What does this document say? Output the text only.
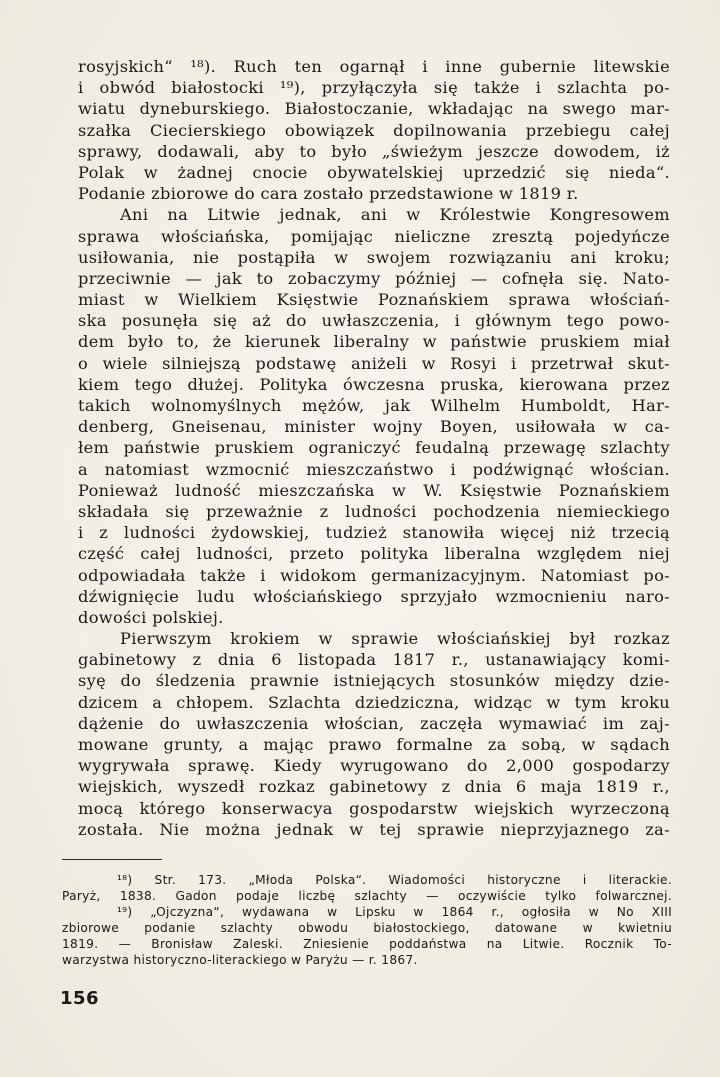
rosyjskich“ ¹⁸). Ruch ten ogarnął i inne gubernie litewskie
i obwód białostocki ¹⁹), przyłączyła się także i szlachta po-
wiatu dyneburskiego. Białostoczanie, wkładając na swego mar-
szałka Ciecierskiego obowiązek dopilnowania przebiegu całej
sprawy, dodawali, aby to było „świeżym jeszcze dowodem, iż
Polak w żadnej cnocie obywatelskiej uprzedzić się nieda“.
Podanie zbiorowe do cara zostało przedstawione w 1819 r.
Ani na Litwie jednak, ani w Królestwie Kongresowem
sprawa włościańska, pomijając nieliczne zresztą pojedyńcze
usiłowania, nie postąpiła w swojem rozwiązaniu ani kroku;
przeciwnie — jak to zobaczymy później — cofnęła się. Nato-
miast w Wielkiem Księstwie Poznańskiem sprawa włościań-
ska posunęła się aż do uwłaszczenia, i głównym tego powo-
dem było to, że kierunek liberalny w państwie pruskiem miał
o wiele silniejszą podstawę aniżeli w Rosyi i przetrwał skut-
kiem tego dłużej. Polityka ówczesna pruska, kierowana przez
takich wolnomyślnych mężów, jak Wilhelm Humboldt, Har-
denberg, Gneisenau, minister wojny Boyen, usiłowała w ca-
łem państwie pruskiem ograniczyć feudalną przewagę szlachty
a natomiast wzmocnić mieszczaństwo i podźwignąć włościan.
Ponieważ ludność mieszczańska w W. Księstwie Poznańskiem
składała się przeważnie z ludności pochodzenia niemieckiego
i z ludności żydowskiej, tudzież stanowiła więcej niż trzecią
część całej ludności, przeto polityka liberalna względem niej
odpowiadała także i widokom germanizacyjnym. Natomiast po-
dźwignięcie ludu włościańskiego sprzyjało wzmocnieniu naro-
dowości polskiej.
Pierwszym krokiem w sprawie włościańskiej był rozkaz
gabinetowy z dnia 6 listopada 1817 r., ustanawiający komi-
syę do śledzenia prawnie istniejących stosunków między dzie-
dzicem a chłopem. Szlachta dziedziczna, widząc w tym kroku
dążenie do uwłaszczenia włościan, zaczęła wymawiać im zaj-
mowane grunty, a mając prawo formalne za sobą, w sądach
wygrywała sprawę. Kiedy wyrugowano do 2,000 gospodarzy
wiejskich, wyszedł rozkaz gabinetowy z dnia 6 maja 1819 r.,
mocą którego konserwacya gospodarstw wiejskich wyrzeczoną
została. Nie można jednak w tej sprawie nieprzyjaznego za-
¹⁸) Str. 173. „Młoda Polska“. Wiadomości historyczne i literackie.
Paryż, 1838. Gadon podaje liczbę szlachty — oczywiście tylko folwarcznej.
¹⁹) „Ojczyzna“, wydawana w Lipsku w 1864 r., ogłosiła w No XIII
zbiorowe podanie szlachty obwodu białostockiego, datowane w kwietniu
1819. — Bronisław Zaleski. Zniesienie poddaństwa na Litwie. Rocznik To-
warzystwa historyczno-literackiego w Paryżu — r. 1867.
156
